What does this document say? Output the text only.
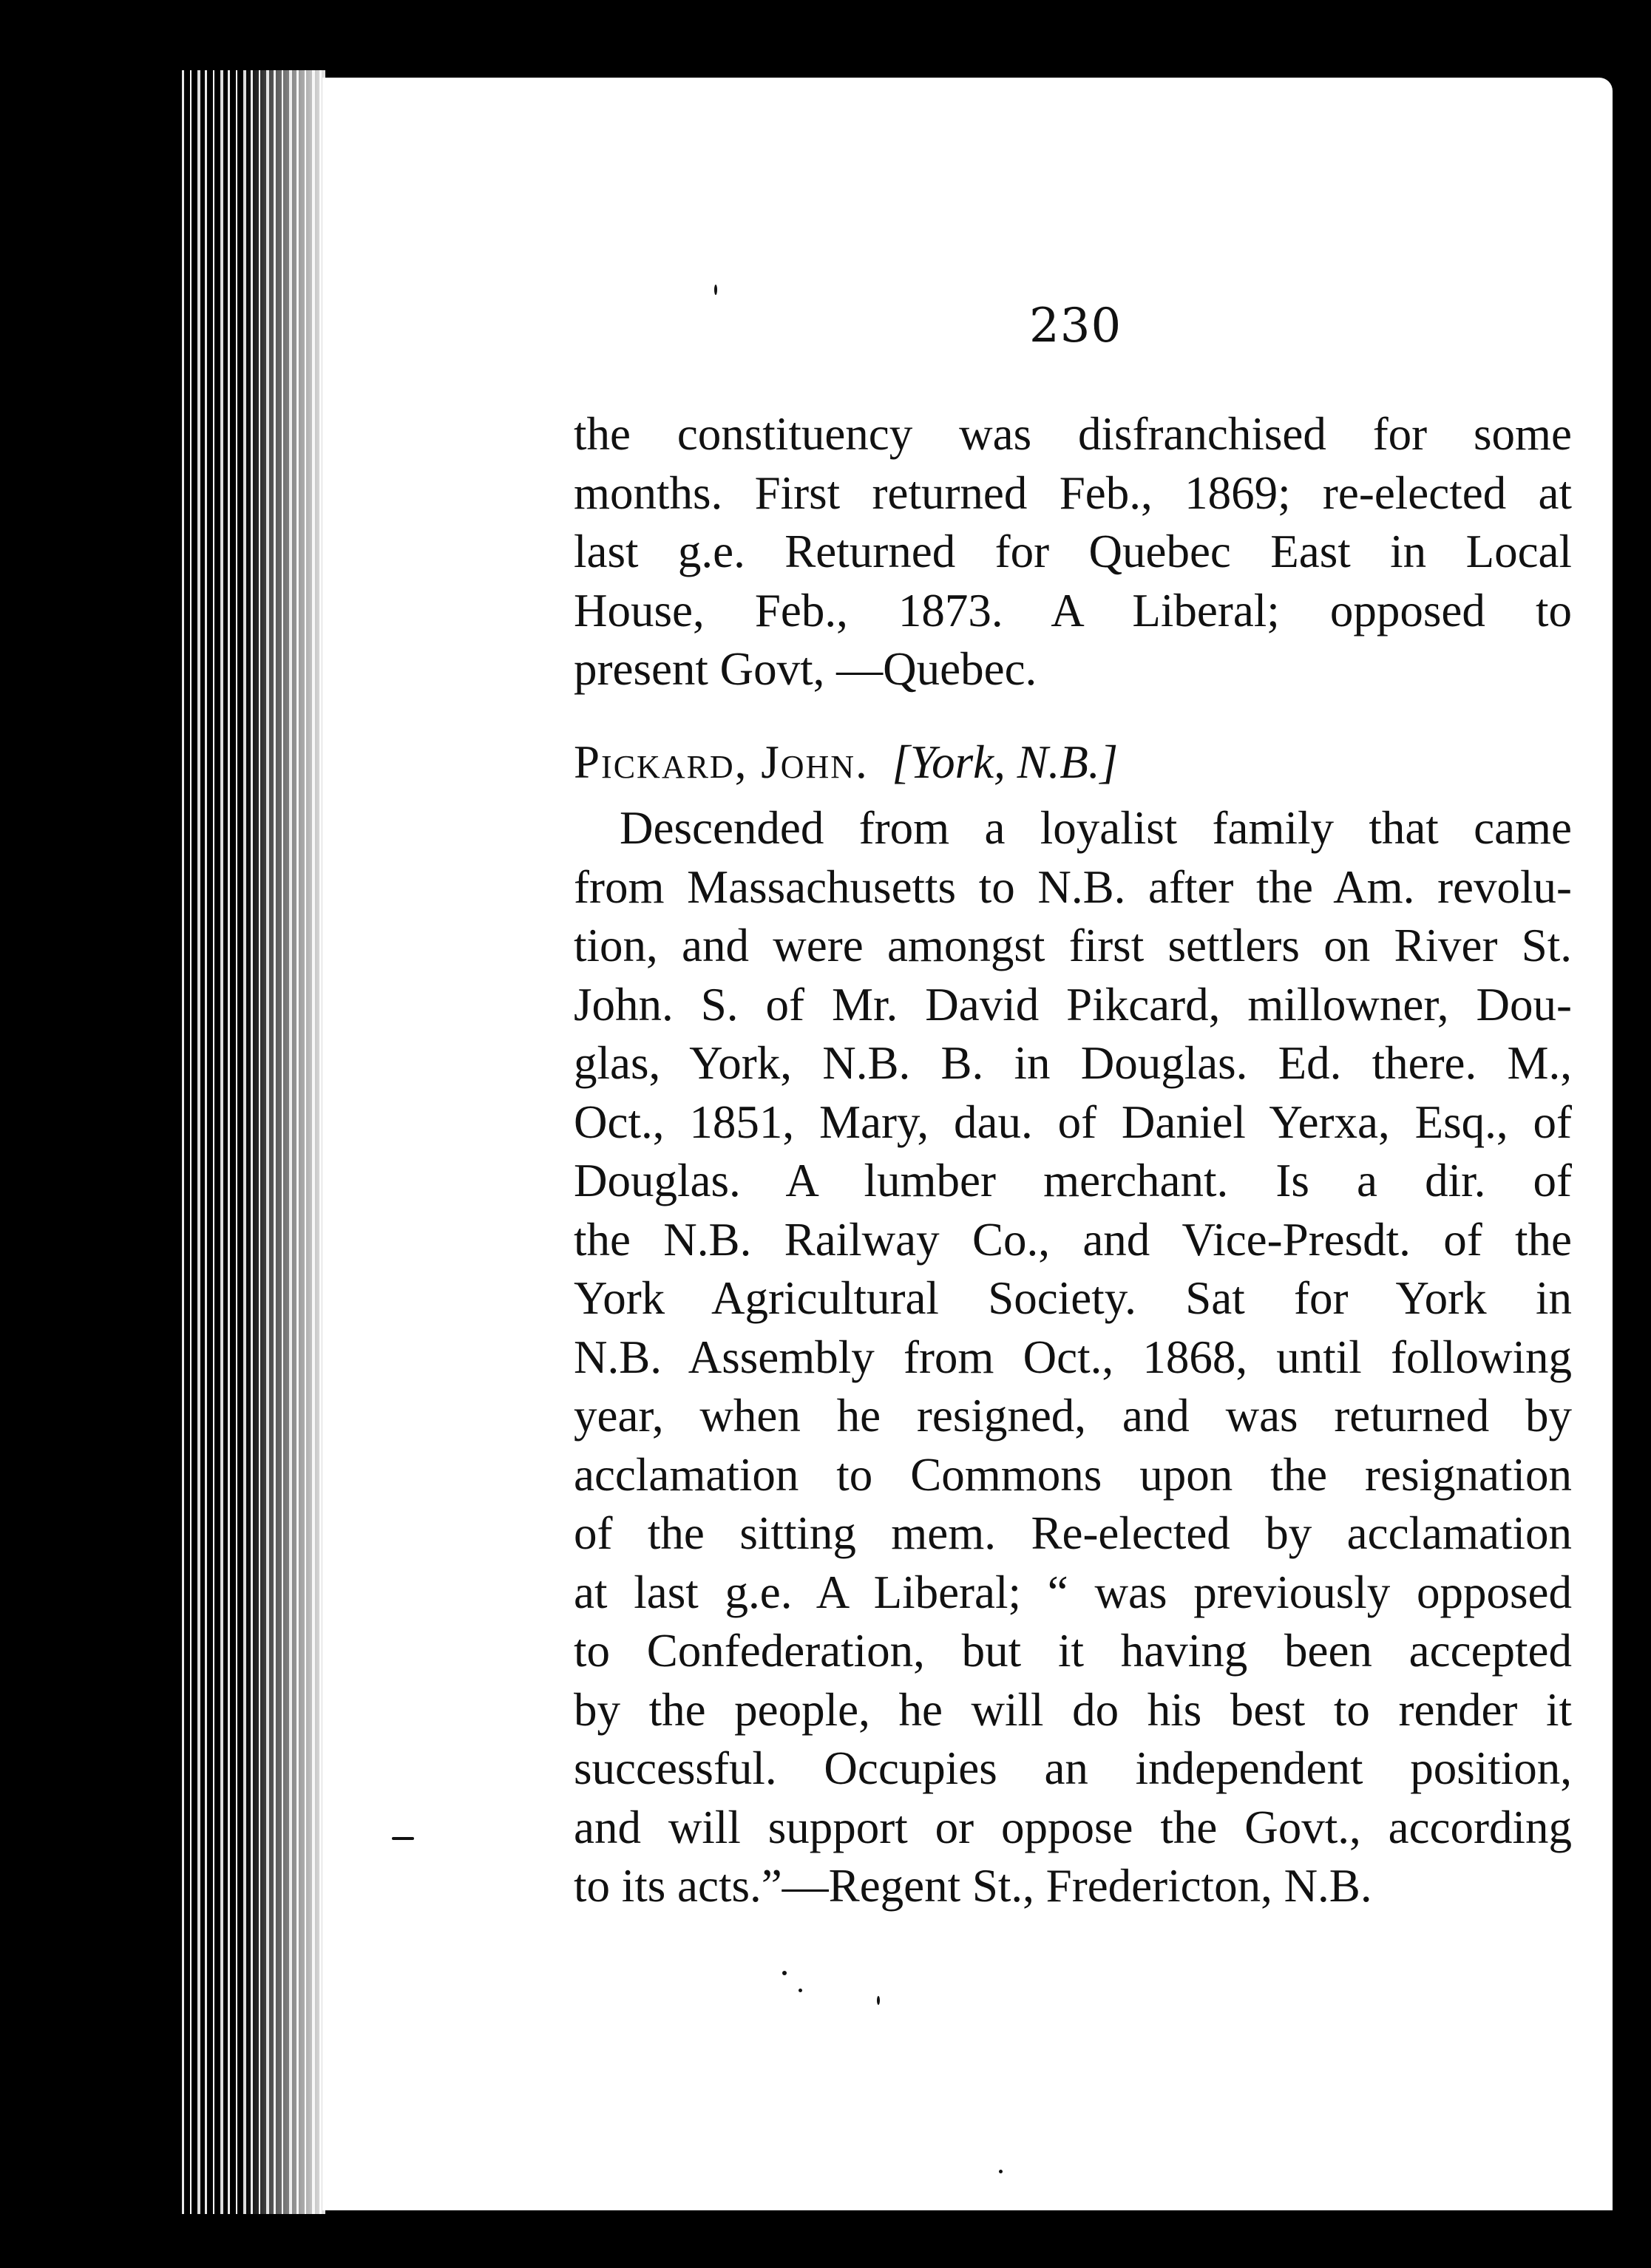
230
the constituency was disfranchised for some
months. First returned Feb., 1869; re-elected at
last g.e. Returned for Quebec East in Local
House, Feb., 1873. A Liberal; opposed to
present Govt, —Quebec.
Pickard, John. [York, N.B.]
Descended from a loyalist family that came
from Massachusetts to N.B. after the Am. revolu-
tion, and were amongst first settlers on River St.
John. S. of Mr. David Pikcard, millowner, Dou-
glas, York, N.B. B. in Douglas. Ed. there. M.,
Oct., 1851, Mary, dau. of Daniel Yerxa, Esq., of
Douglas. A lumber merchant. Is a dir. of
the N.B. Railway Co., and Vice-Presdt. of the
York Agricultural Society. Sat for York in
N.B. Assembly from Oct., 1868, until following
year, when he resigned, and was returned by
acclamation to Commons upon the resignation
of the sitting mem. Re-elected by acclamation
at last g.e. A Liberal; “ was previously opposed
to Confederation, but it having been accepted
by the people, he will do his best to render it
successful. Occupies an independent position,
and will support or oppose the Govt., according
to its acts.”—Regent St., Fredericton, N.B.
